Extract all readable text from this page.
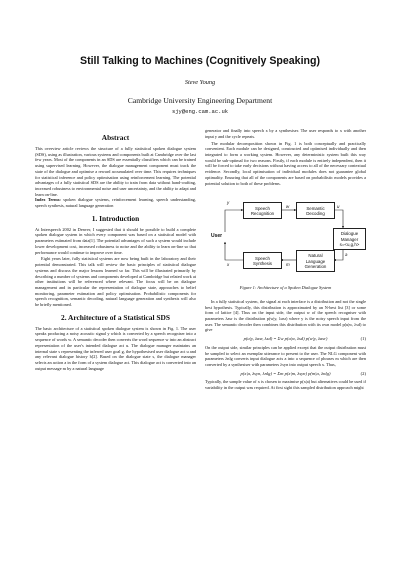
Still Talking to Machines (Cognitively Speaking)
Steve Young
Cambridge University Engineering Department
sjy@eng.cam.ac.uk
Abstract

This overview article reviews the structure of a fully statistical spoken dialogue system (SDS), using as illustration, various systems and components built at Cambridge over the last few years. Most of the components in an SDS are essentially classifiers which can be trained using supervised learning. However, the dialogue management component must track the state of the dialogue and optimise a reward accumulated over time. This requires techniques for statistical inference and policy optimisation using reinforcement learning. The potential advantages of a fully statistical SDS are the ability to train from data without hand-crafting, increased robustness to environmental noise and user uncertainty, and the ability to adapt and learn on-line.
Index Terms: spoken dialogue systems, reinforcement learning, speech understanding, speech synthesis, natural language generation

1. Introduction

At Interspeech 2002 in Denver, I suggested that it should be possible to build a complete spoken dialogue system in which every component was based on a statistical model with parameters estimated from data[1]. The potential advantages of such a system would include lower development cost, increased robustness to noise and the ability to learn on-line so that performance would continue to improve over time.

Eight years later, fully statistical systems are now being built in the laboratory and their potential demonstrated. This talk will review the basic principles of statistical dialogue systems and discuss the major lessons learned so far. This will be illustrated primarily by describing a number of systems and components developed at Cambridge but related work at other institutions will be referenced where relevant. The focus will be on dialogue management and in particular the representation of dialogue state, approaches to belief monitoring, parameter estimation and policy optimisation. Probabilistic components for speech recognition, semantic decoding, natural language generation and synthesis will also be briefly mentioned.

2. Architecture of a Statistical SDS

The basic architecture of a statistical spoken dialogue system is shown in Fig. 1. The user speaks producing a noisy acoustic signal y which is converted by a speech recogniser into a sequence of words w. A semantic decoder then converts the word sequence w into an abstract representation of the user's intended dialogue act u. The dialogue manager maintains an internal state s representing the inferred user goal g, the hypothesised user dialogue act u and any relevant dialogue history h[2]. Based on the dialogue state s, the dialogue manager selects an action a in the form of a system dialogue act. This dialogue act is converted into an output message m by a natural language

generator and finally into speech x by a synthesiser. The user responds to x with another input y and the cycle repeats.

The modular decomposition shown in Fig. 1 is both conceptually and practically convenient. Each module can be designed, constructed and optimised individually and then integrated to form a working system. However, any deterministic system built this way would be sub-optimal for two reasons. Firstly, if each module is entirely independent, then it will be forced to take early decisions without having access to all of the necessary contextual evidence. Secondly, local optimisation of individual modules does not guarantee global optimality. Ensuring that all of the components are based on probabilistic models provides a potential solution to both of these problems.

User
y
w	u
x	m
a
Speech
Recognition
Semantic
Decoding
Dialogue
Manager
s=<u,g,h>
Speech
Synthesis
Natural
Language
Generation
Figure 1: Architecture of a Spoken Dialogue System

In a fully statistical system, the signal at each interface is a distribution and not the single best hypothesis. Typically, this distribution is approximated by an N-best list [3] or some form of lattice [4]. Thus on the input side, the output w of the speech recogniser with parameters λasr is the distribution p(w|y, λasr) where y is the noisy speech input from the user. The semantic decoder then combines this distribution with its own model p(u|w, λsd) to give

p(u|y, λasr, λsd) = Σw p(u|w, λsd) p(w|y, λasr)	(1)

On the output side, similar principles can be applied except that the output distribution must be sampled to select an exemplar utterance to present to the user. The NLG component with parameters λnlg converts input dialogue acts a into a sequence of phrases m which are then converted by a synthesiser with parameters λsyn into output speech x. Thus,

p(x|a, λsyn, λnlg) = Σm p(x|m, λsyn) p(m|a, λnlg)	(2)

Typically, the sample value of x is chosen to maximise p(x|a) but alternatives could be used if variability in the output was required. At first sight this sampled distribution approach might
